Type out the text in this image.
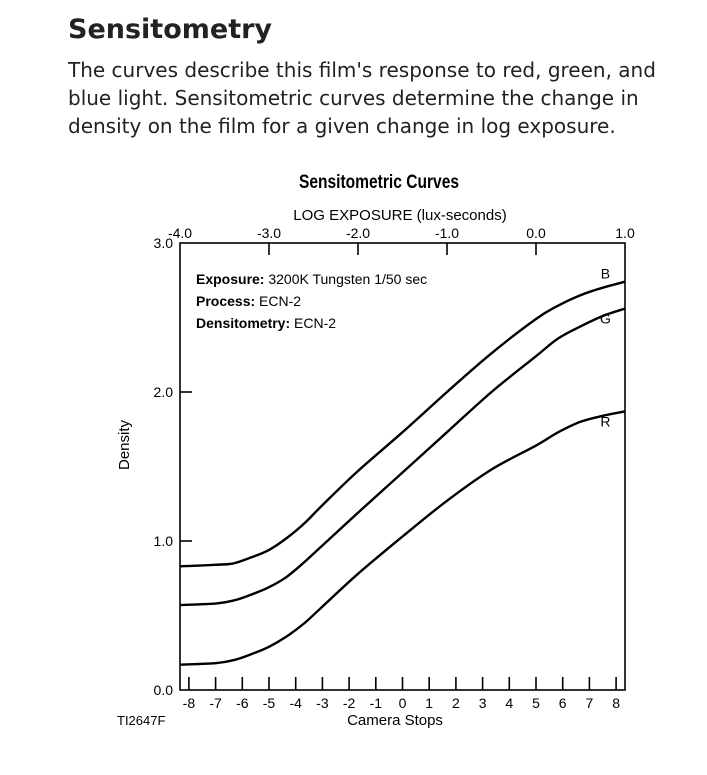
Sensitometry

The curves describe this film's response to red, green, and blue light. Sensitometric curves determine the change in density on the film for a given change in log exposure.

Sensitometric Curves
LOG EXPOSURE (lux-seconds)
Camera Stops
Density
TI2647F
-4.0	-3.0	-2.0	-1.0	0.0	1.0
0.0
1.0
2.0
3.0
-8 -7 -6 -5 -4 -3 -2 -1 0 1 2 3 4 5 6 7 8
Exposure: 3200K Tungsten 1/50 sec
Process: ECN-2
Densitometry: ECN-2
B
G
R
